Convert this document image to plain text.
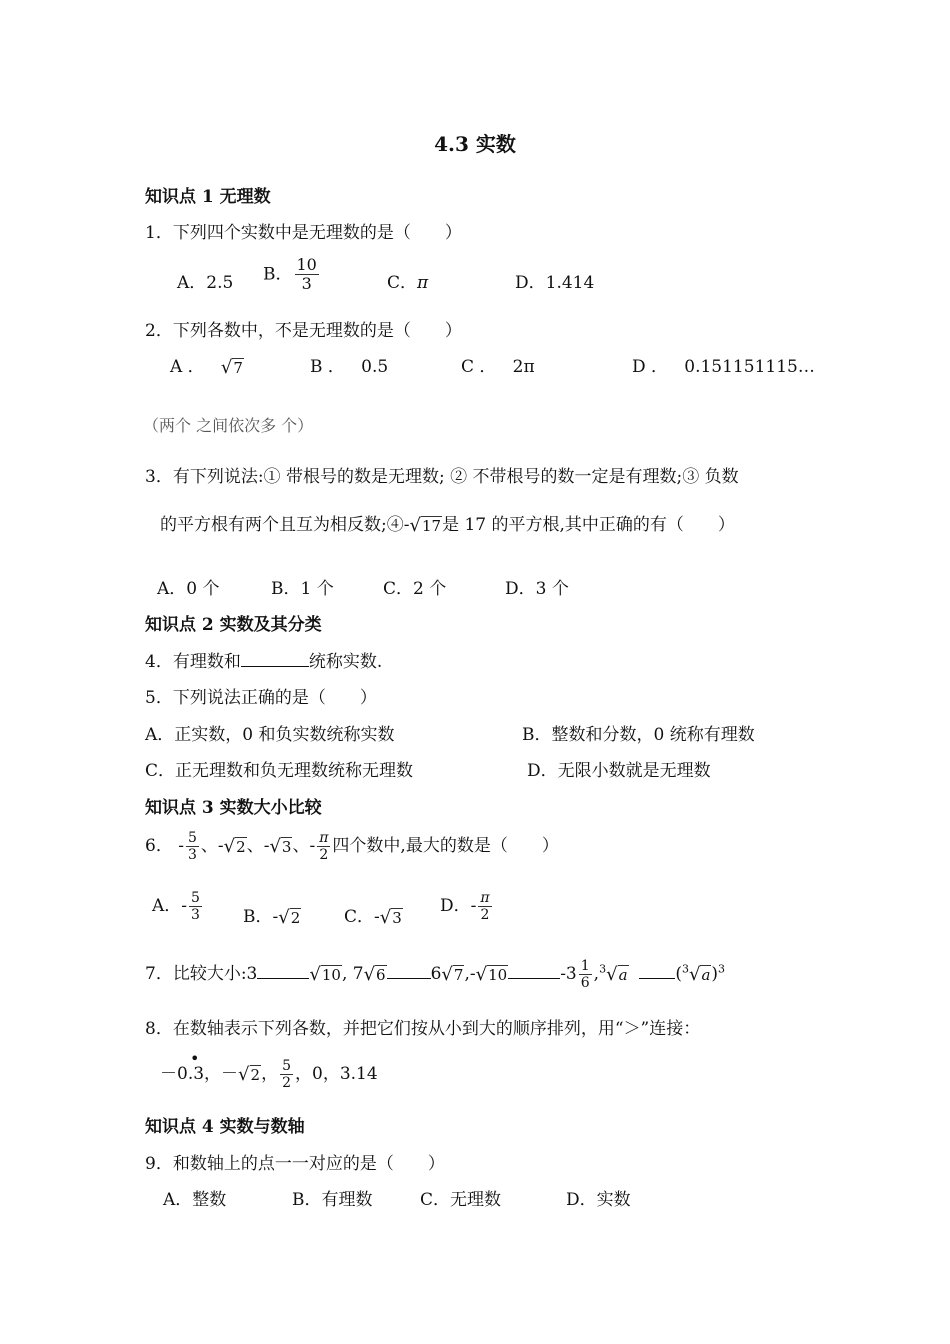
4.3 实数
知识点 1 无理数
1．下列四个实数中是无理数的是（　　）
A．2.5 B． $\frac{10}{3}$	C．π	D．1.414
2．下列各数中，不是无理数的是（　　）
A ． √7	B ． 0.5	C ． 2π	D ． 0.151151115…
（两个 之间依次多 个）
3．有下列说法:① 带根号的数是无理数; ② 不带根号的数一定是有理数;③ 负数
的平方根有两个且互为相反数;④-√17是 17 的平方根,其中正确的有（　　）
A．0 个	B．1 个	C．2 个	D．3 个
知识点 2 实数及其分类
4．有理数和	统称实数.
5．下列说法正确的是（　　）
A．正实数，0 和负实数统称实数	B．整数和分数，0 统称有理数
C．正无理数和负无理数统称无理数	D．无限小数就是无理数
知识点 3 实数大小比较
6． - $\frac{5}{3}$ 、-√2、-√3、- $\frac{\pi}{2}$ 四个数中,最大的数是（　　）
A．- $\frac{5}{3}$ B．-√2	C．-√3
D．- $\frac{\pi}{2}$
7．比较大小:3	√10, 7√6	6√7,-√10	$-3 \frac{1}{6} ,^3√a$	$(^3√a)^3$
8．在数轴表示下列各数，并把它们按从小到大的顺序排列，用“＞”连接：
－0.3
•
，－√2， $\frac{5}{2}$ ，0，3.14
知识点 4 实数与数轴
9．和数轴上的点一一对应的是（　　）
A．整数	B．有理数	C．无理数	D．实数
